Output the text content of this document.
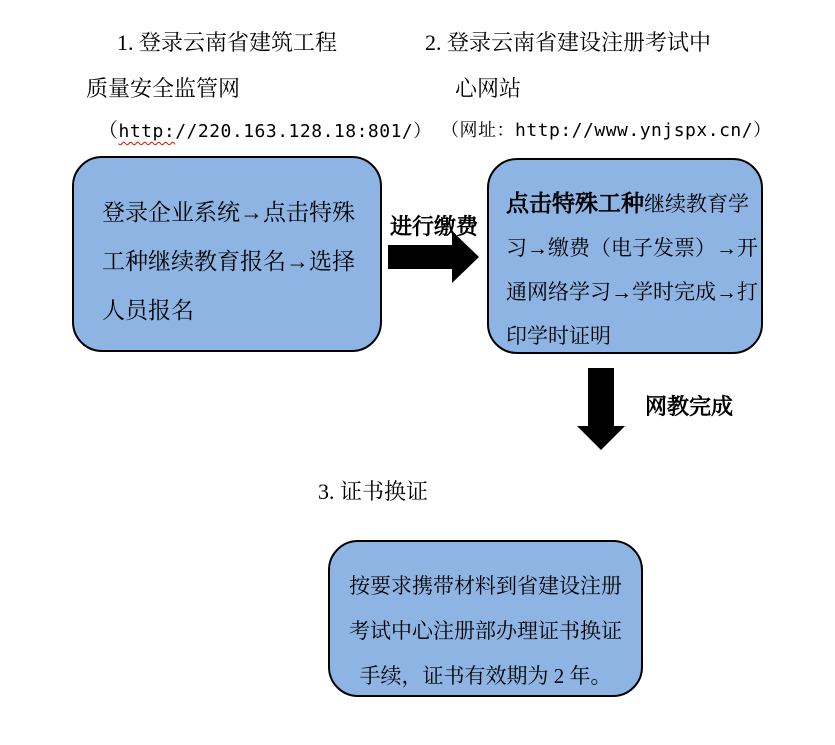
1. 登录云南省建筑工程
质量安全监管网
（http://220.163.128.18:801/）
2. 登录云南省建设注册考试中
心网站
（网址：http://www.ynjspx.cn/）
登录企业系统→点击特殊
工种继续教育报名→选择
人员报名
进行缴费
点击特殊工种继续教育学
习→缴费（电子发票）→开
通网络学习→学时完成→打
印学时证明
网教完成
3. 证书换证
按要求携带材料到省建设注册
考试中心注册部办理证书换证
手续，证书有效期为 2 年。
